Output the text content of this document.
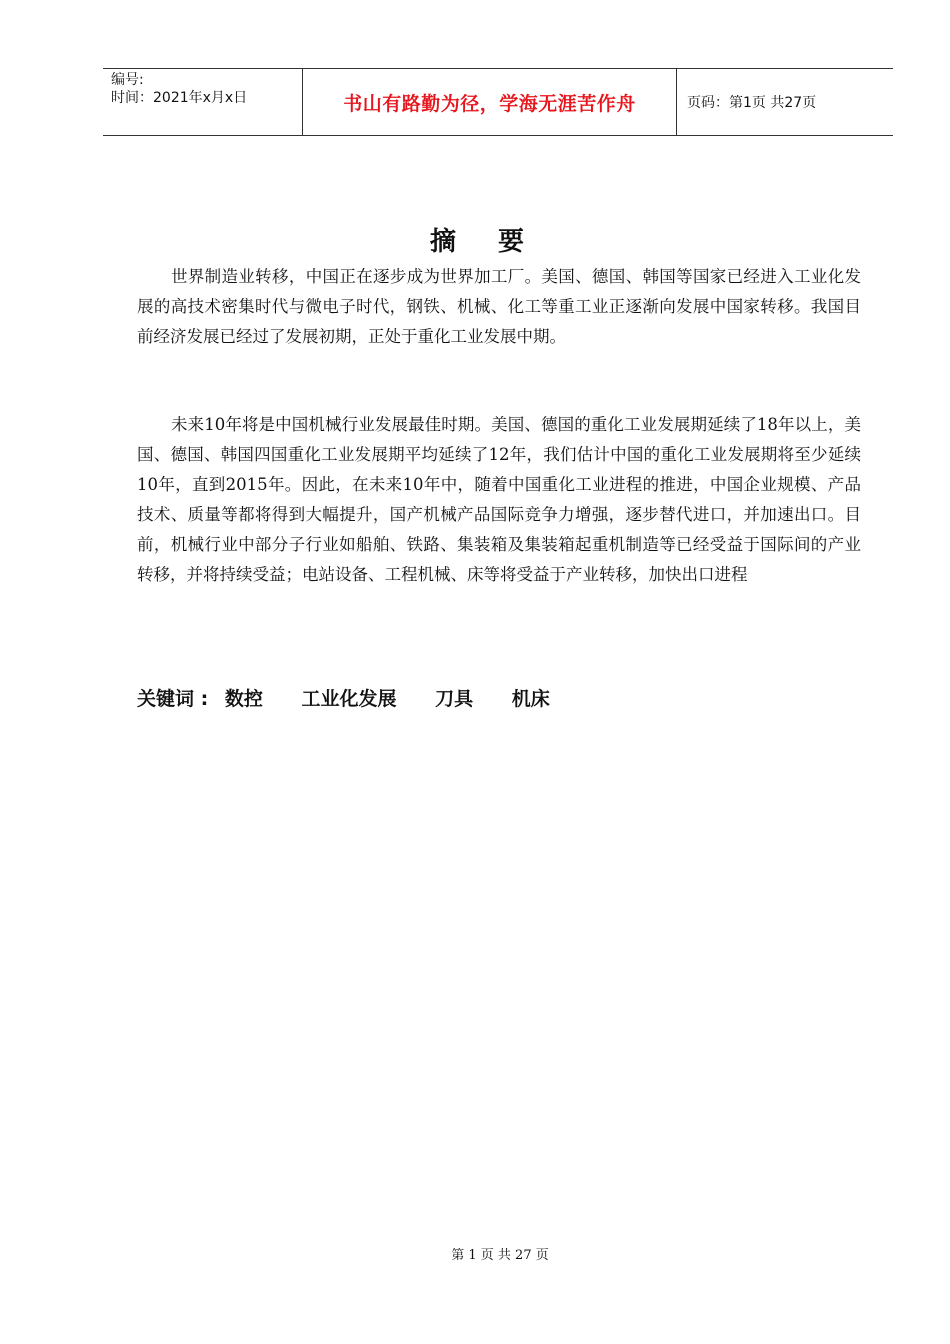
编号:
时间：2021年x月x日	书山有路勤为径，学海无涯苦作舟	页码：第1页 共27页
摘要

世界制造业转移，中国正在逐步成为世界加工厂。美国、德国、韩国等国家已经进入工业化发展的高技术密集时代与微电子时代，钢铁、机械、化工等重工业正逐渐向发展中国家转移。我国目前经济发展已经过了发展初期，正处于重化工业发展中期。

未来10年将是中国机械行业发展最佳时期。美国、德国的重化工业发展期延续了18年以上，美国、德国、韩国四国重化工业发展期平均延续了12年，我们估计中国的重化工业发展期将至少延续10年，直到2015年。因此，在未来10年中，随着中国重化工业进程的推进，中国企业规模、产品技术、质量等都将得到大幅提升，国产机械产品国际竞争力增强，逐步替代进口，并加速出口。目前，机械行业中部分子行业如船舶、铁路、集装箱及集装箱起重机制造等已经受益于国际间的产业转移，并将持续受益；电站设备、工程机械、床等将受益于产业转移，加快出口进程

关键词 : 数控 工业化发展 刀具 机床
第 1 页 共 27 页
